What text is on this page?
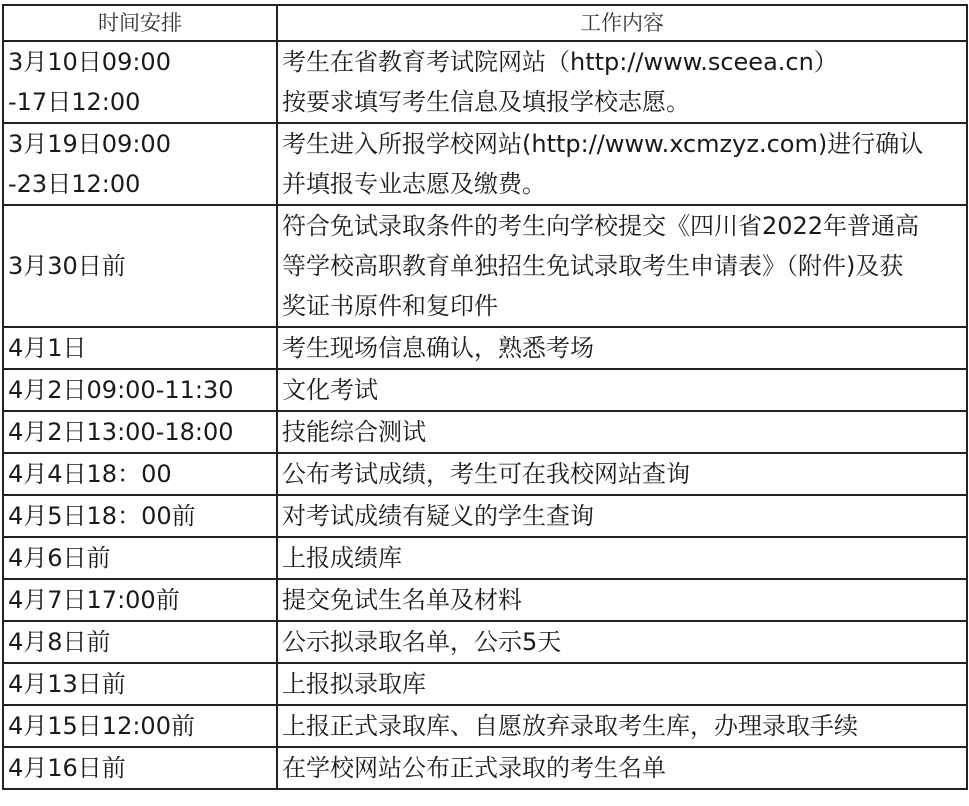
时间安排	工作内容

3月10日09:00
-17日12:00	考生在省教育考试院网站（http://www.sceea.cn）
按要求填写考生信息及填报学校志愿。

3月19日09:00
-23日12:00	考生进入所报学校网站(http://www.xcmzyz.com)进行确认
并填报专业志愿及缴费。

3月30日前	符合免试录取条件的考生向学校提交《四川省2022年普通高
等学校高职教育单独招生免试录取考生申请表》（附件)及获
奖证书原件和复印件

4月1日	考生现场信息确认，熟悉考场

4月2日09:00-11:30	文化考试

4月2日13:00-18:00	技能综合测试

4月4日18：00	公布考试成绩，考生可在我校网站查询

4月5日18：00前	对考试成绩有疑义的学生查询

4月6日前	上报成绩库

4月7日17:00前	提交免试生名单及材料

4月8日前	公示拟录取名单，公示5天

4月13日前	上报拟录取库

4月15日12:00前	上报正式录取库、自愿放弃录取考生库，办理录取手续

4月16日前	在学校网站公布正式录取的考生名单
